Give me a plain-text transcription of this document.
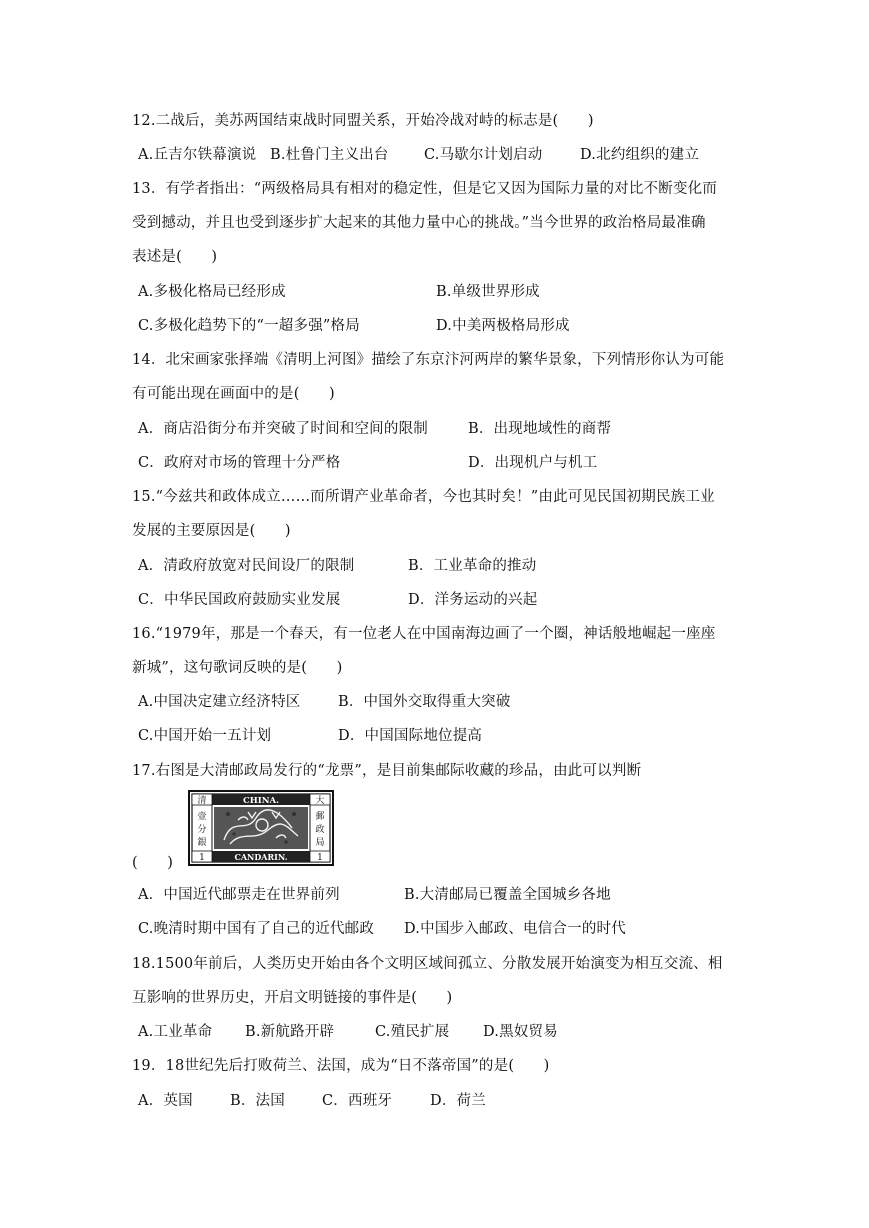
12.二战后，美苏两国结束战时同盟关系，开始冷战对峙的标志是(　　)
A.丘吉尔铁幕演说 B.杜鲁门主义出台 C.马歇尔计划启动	D.北约组织的建立
13．有学者指出：“两级格局具有相对的稳定性，但是它又因为国际力量的对比不断变化而
受到撼动，并且也受到逐步扩大起来的其他力量中心的挑战。”当今世界的政治格局最准确
表述是(　　)
A.多极化格局已经形成	B.单级世界形成
C.多极化趋势下的“一超多强”格局	D.中美两极格局形成
14．北宋画家张择端《清明上河图》描绘了东京汴河两岸的繁华景象，下列情形你认为可能
有可能出现在画面中的是(　　)
A．商店沿街分布并突破了时间和空间的限制	B．出现地域性的商帮
C．政府对市场的管理十分严格	D．出现机户与机工
15.“今兹共和政体成立……而所谓产业革命者，今也其时矣！”由此可见民国初期民族工业
发展的主要原因是(　　)
A．清政府放宽对民间设厂的限制	B．工业革命的推动
C．中华民国政府鼓励实业发展	D．洋务运动的兴起
16.“1979年，那是一个春天，有一位老人在中国南海边画了一个圈，神话般地崛起一座座
新城”，这句歌词反映的是(　　)
A.中国决定建立经济特区	B．中国外交取得重大突破
C.中国开始一五计划	D．中国国际地位提高
17.右图是大清邮政局发行的“龙票”，是目前集邮际收藏的珍品，由此可以判断
CHINA.
CANDARIN.
清	大
1	1
壹
分
銀
郵
政
局
(　　)
A．中国近代邮票走在世界前列	B.大清邮局已覆盖全国城乡各地
C.晚清时期中国有了自己的近代邮政 D.中国步入邮政、电信合一的时代
18.1500年前后，人类历史开始由各个文明区域间孤立、分散发展开始演变为相互交流、相
互影响的世界历史，开启文明链接的事件是(　　)
A.工业革命 B.新航路开辟	C.殖民扩展 D.黑奴贸易
19．18世纪先后打败荷兰、法国，成为“日不落帝国”的是(　　)
A．英国	B．法国	C．西班牙	D．荷兰
